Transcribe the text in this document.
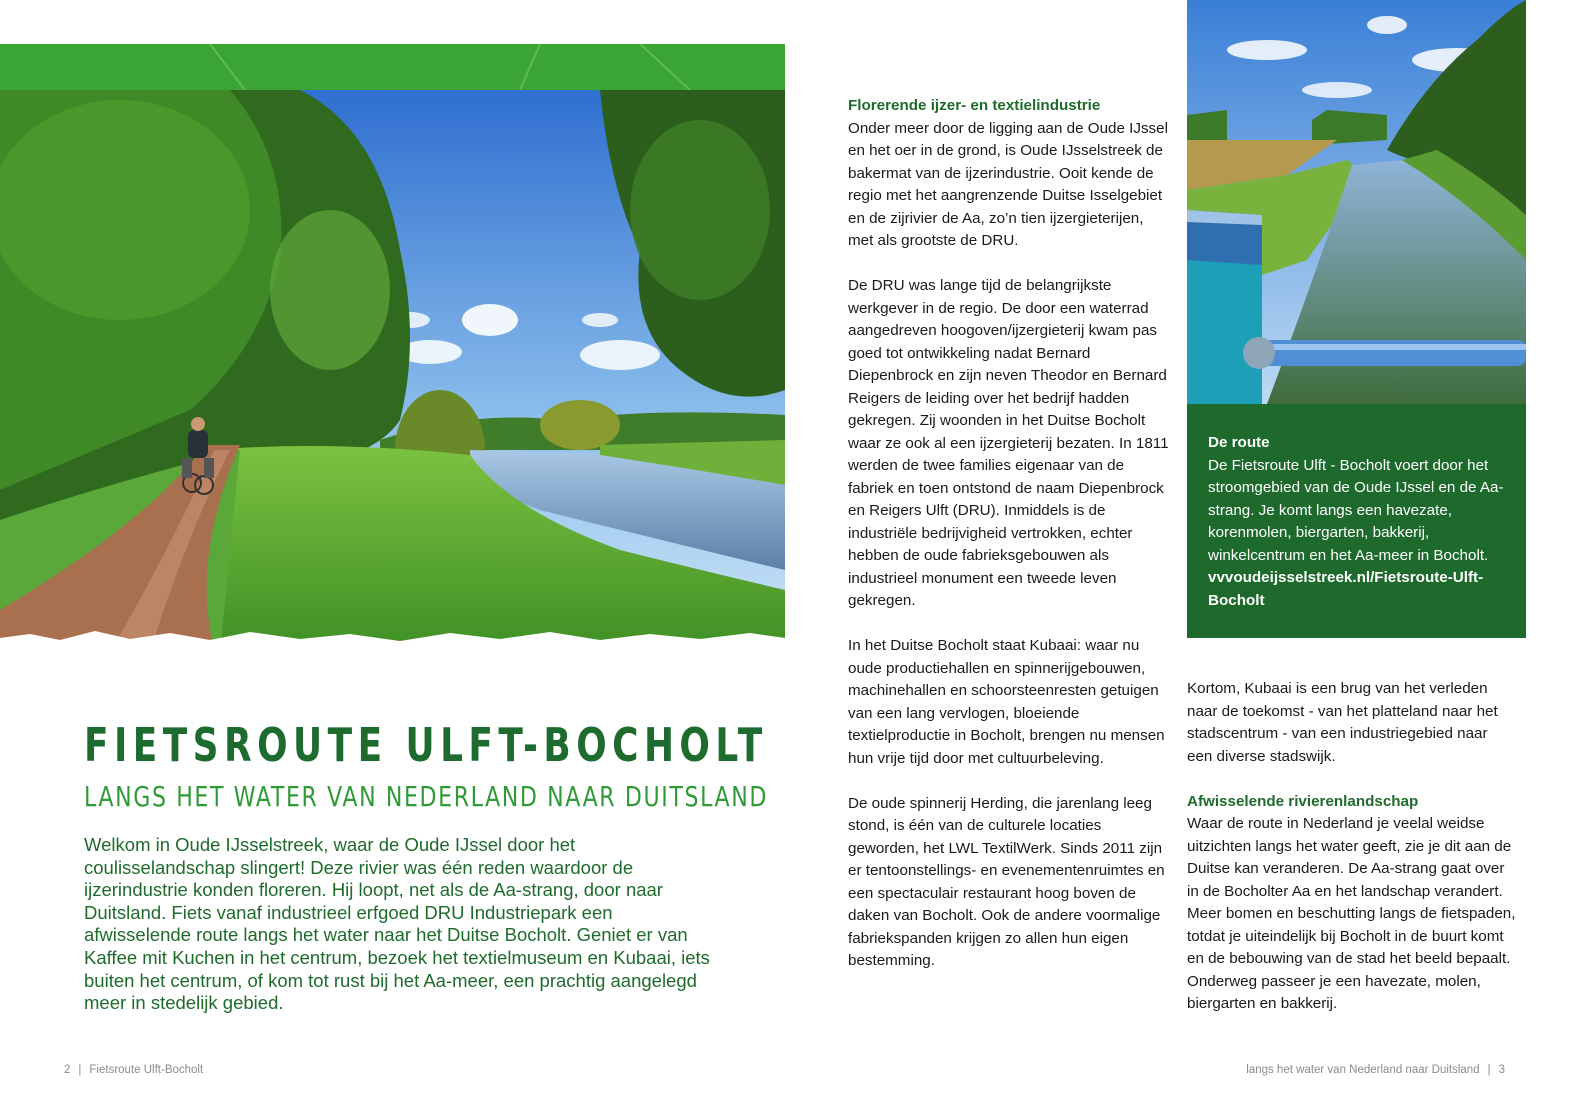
FIETSROUTE ULFT-BOCHOLT
LANGS HET WATER VAN NEDERLAND NAAR DUITSLAND

Welkom in Oude IJsselstreek, waar de Oude IJssel door het coulisselandschap slingert! Deze rivier was één reden waardoor de ijzerindustrie konden floreren. Hij loopt, net als de Aa-strang, door naar Duitsland. Fiets vanaf industrieel erfgoed DRU Industriepark een afwisselende route langs het water naar het Duitse Bocholt. Geniet er van Kaffee mit Kuchen in het centrum, bezoek het textielmuseum en Kubaai, iets buiten het centrum, of kom tot rust bij het Aa-meer, een prachtig aangelegd meer in stedelijk gebied.

2 | Fietsroute Ulft-Bocholt
Florerende ijzer- en textielindustrie

Onder meer door de ligging aan de Oude IJssel en het oer in de grond, is Oude IJsselstreek de bakermat van de ijzerindustrie. Ooit kende de regio met het aangrenzende Duitse Isselgebiet en de zijrivier de Aa, zo’n tien ijzergieterijen, met als grootste de DRU.

De DRU was lange tijd de belangrijkste werkgever in de regio. De door een waterrad aangedreven hoogoven/ijzergieterij kwam pas goed tot ontwikkeling nadat Bernard Diepenbrock en zijn neven Theodor en Bernard Reigers de leiding over het bedrijf hadden gekregen. Zij woonden in het Duitse Bocholt waar ze ook al een ijzergieterij bezaten. In 1811 werden de twee families eigenaar van de fabriek en toen ontstond de naam Diepenbrock en Reigers Ulft (DRU). Inmiddels is de industriële bedrijvigheid vertrokken, echter hebben de oude fabrieksgebouwen als industrieel monument een tweede leven gekregen.

In het Duitse Bocholt staat Kubaai: waar nu oude productiehallen en spinnerijgebouwen, machinehallen en schoorsteenresten getuigen van een lang vervlogen, bloeiende textielproductie in Bocholt, brengen nu mensen hun vrije tijd door met cultuurbeleving.

De oude spinnerij Herding, die jarenlang leeg stond, is één van de culturele locaties geworden, het LWL TextilWerk. Sinds 2011 zijn er tentoonstellings- en evenementenruimtes en een spectaculair restaurant hoog boven de daken van Bocholt. Ook de andere voormalige fabriekspanden krijgen zo allen hun eigen bestemming.

De route

De Fietsroute Ulft - Bocholt voert door het stroomgebied van de Oude IJssel en de Aa-strang. Je komt langs een havezate, korenmolen, biergarten, bakkerij, winkelcentrum en het Aa-meer in Bocholt.

vvvoudeijsselstreek.nl/Fietsroute-Ulft-Bocholt

Kortom, Kubaai is een brug van het verleden naar de toekomst - van het platteland naar het stadscentrum - van een industriegebied naar een diverse stadswijk.

Afwisselende rivierenlandschap

Waar de route in Nederland je veelal weidse uitzichten langs het water geeft, zie je dit aan de Duitse kan veranderen. De Aa-strang gaat over in de Bocholter Aa en het landschap verandert. Meer bomen en beschutting langs de fietspaden, totdat je uiteindelijk bij Bocholt in de buurt komt en de bebouwing van de stad het beeld bepaalt. Onderweg passeer je een havezate, molen, biergarten en bakkerij.

langs het water van Nederland naar Duitsland | 3
